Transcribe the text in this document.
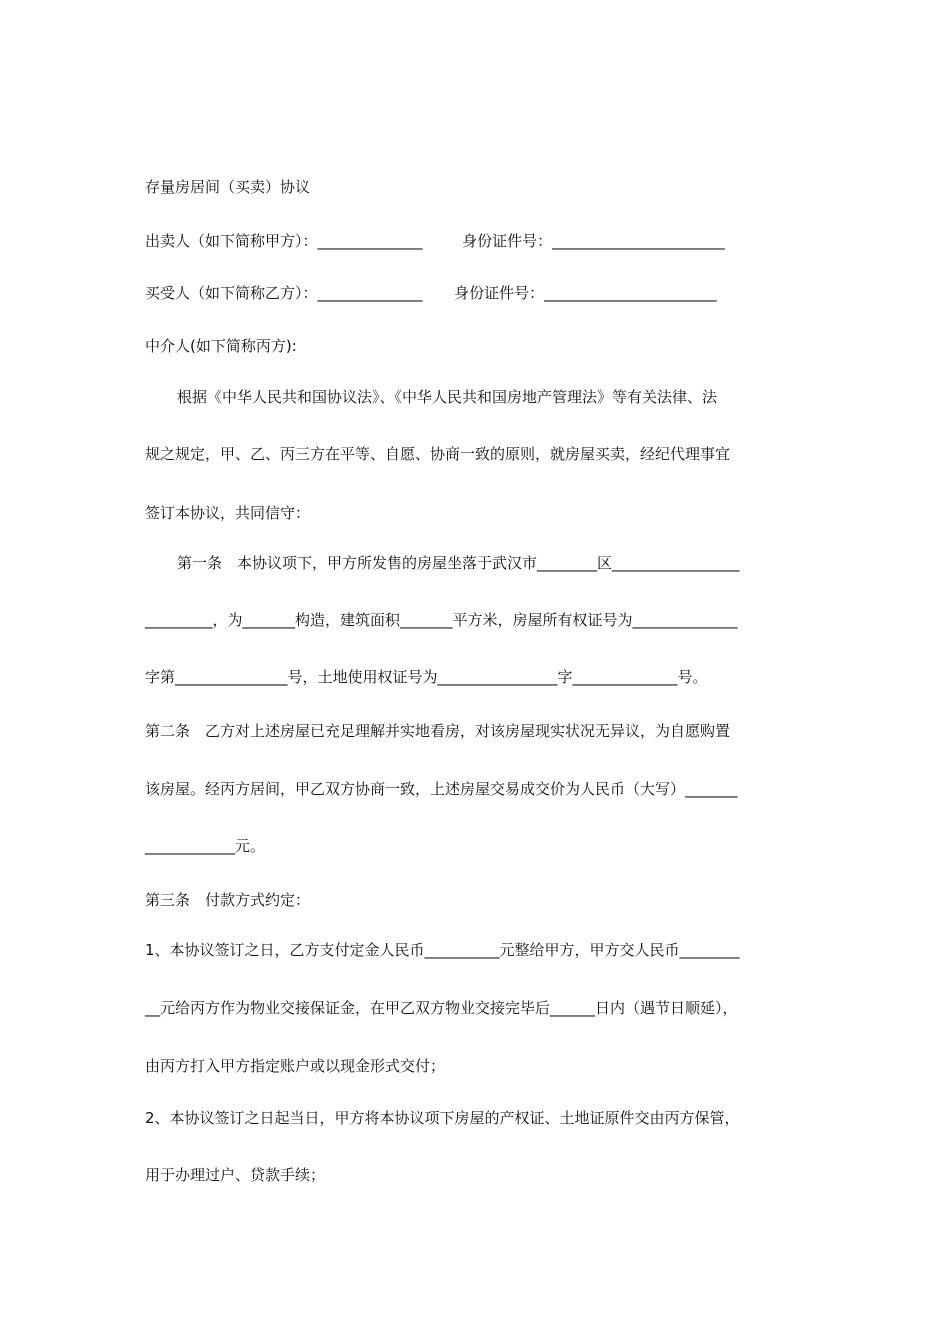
存量房居间（买卖）协议
出卖人（如下简称甲方）：______________	身份证件号：_______________________
买受人（如下简称乙方）：______________ 身份证件号：_______________________
中介人(如下简称丙方):
根据《中华人民共和国协议法》、《中华人民共和国房地产管理法》等有关法律、法
规之规定，甲、乙、丙三方在平等、自愿、协商一致的原则，就房屋买卖，经纪代理事宜
签订本协议，共同信守：
第一条　本协议项下，甲方所发售的房屋坐落于武汉市________区_________________
_________，为_______构造，建筑面积_______平方米，房屋所有权证号为______________
字第_______________号，土地使用权证号为________________字______________号。
第二条　乙方对上述房屋已充足理解并实地看房，对该房屋现实状况无异议，为自愿购置
该房屋。经丙方居间，甲乙双方协商一致，上述房屋交易成交价为人民币（大写）_______
____________元。
第三条　付款方式约定：
1、本协议签订之日，乙方支付定金人民币__________元整给甲方，甲方交人民币________
__元给丙方作为物业交接保证金，在甲乙双方物业交接完毕后______日内（遇节日顺延），
由丙方打入甲方指定账户或以现金形式交付；
2、本协议签订之日起当日，甲方将本协议项下房屋的产权证、土地证原件交由丙方保管，
用于办理过户、贷款手续；
